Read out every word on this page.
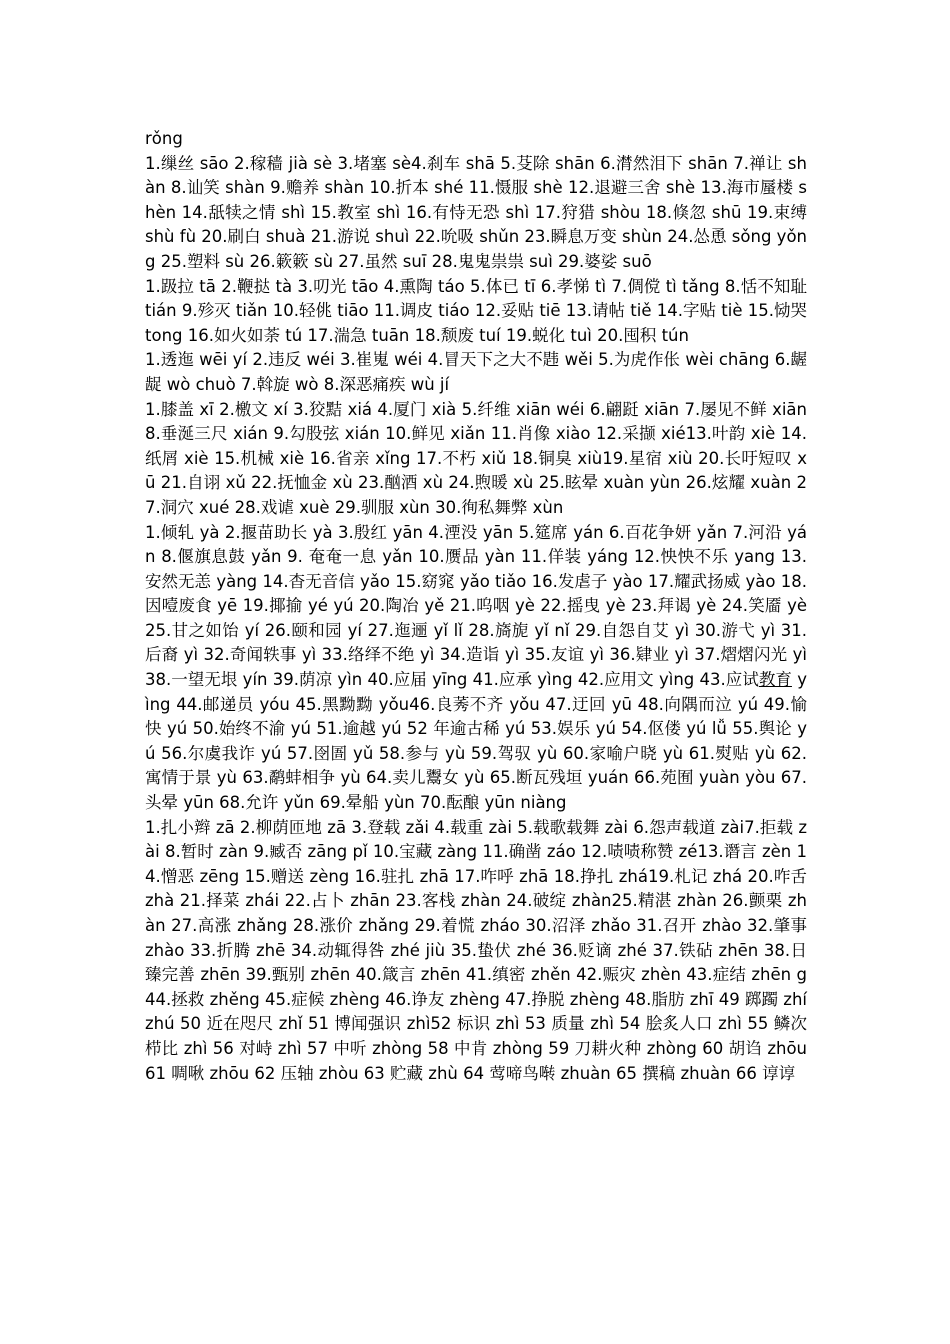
rǒng

1.缫丝 sāo 2.稼穑 jià sè 3.堵塞 sè4.刹车 shā 5.芟除 shān 6.潸然泪下 shān 7.禅让 shàn 8.讪笑 shàn 9.赡养 shàn 10.折本 shé 11.慑服 shè 12.退避三舍 shè 13.海市蜃楼 shèn 14.舐犊之情 shì 15.教室 shì 16.有恃无恐 shì 17.狩猎 shòu 18.倏忽 shū 19.束缚 shù fù 20.刷白 shuà 21.游说 shuì 22.吮吸 shǔn 23.瞬息万变 shùn 24.怂恿 sǒng yǒng 25.塑料 sù 26.簌簌 sù 27.虽然 suī 28.鬼鬼祟祟 suì 29.婆娑 suō

1.趿拉 tā 2.鞭挞 tà 3.叨光 tāo 4.熏陶 táo 5.体已 tī 6.孝悌 tì 7.倜傥 tì tǎng 8.恬不知耻 tián 9.殄灭 tiǎn 10.轻佻 tiāo 11.调皮 tiáo 12.妥贴 tiē 13.请帖 tiě 14.字贴 tiè 15.恸哭 tong 16.如火如荼 tú 17.湍急 tuān 18.颓废 tuí 19.蜕化 tuì 20.囤积 tún

1.透迤 wēi yí 2.违反 wéi 3.崔嵬 wéi 4.冒天下之大不韪 wěi 5.为虎作伥 wèi chāng 6.龌龊 wò chuò 7.斡旋 wò 8.深恶痛疾 wù jí

1.膝盖 xī 2.檄文 xí 3.狡黠 xiá 4.厦门 xià 5.纤维 xiān wéi 6.翩跹 xiān 7.屡见不鲜 xiān 8.垂涎三尺 xián 9.勾股弦 xián 10.鲜见 xiǎn 11.肖像 xiào 12.采撷 xié13.叶韵 xiè 14.纸屑 xiè 15.机械 xiè 16.省亲 xǐng 17.不朽 xiǔ 18.铜臭 xiù19.星宿 xiù 20.长吁短叹 xū 21.自诩 xǔ 22.抚恤金 xù 23.酗酒 xù 24.煦暖 xù 25.眩晕 xuàn yùn 26.炫耀 xuàn 27.洞穴 xué 28.戏谑 xuè 29.驯服 xùn 30.徇私舞弊 xùn

1.倾轧 yà 2.揠苗助长 yà 3.殷红 yān 4.湮没 yān 5.筵席 yán 6.百花争妍 yǎn 7.河沿 yán 8.偃旗息鼓 yǎn 9. 奄奄一息 yǎn 10.赝品 yàn 11.佯装 yáng 12.怏怏不乐 yang 13.安然无恙 yàng 14.杳无音信 yǎo 15.窈窕 yǎo tiǎo 16.发虐子 yào 17.耀武扬威 yào 18.因噎废食 yē 19.揶揄 yé yú 20.陶冶 yě 21.呜咽 yè 22.摇曳 yè 23.拜谒 yè 24.笑靥 yè 25.甘之如饴 yí 26.颐和园 yí 27.迤逦 yǐ lǐ 28.旖旎 yǐ nǐ 29.自怨自艾 yì 30.游弋 yì 31.后裔 yì 32.奇闻轶事 yì 33.络绎不绝 yì 34.造诣 yì 35.友谊 yì 36.肄业 yì 37.熠熠闪光 yì 38.一望无垠 yín 39.荫凉 yìn 40.应届 yīng 41.应承 yìng 42.应用文 yìng 43.应试教育 yìng 44.邮递员 yóu 45.黑黝黝 yǒu46.良莠不齐 yǒu 47.迂回 yū 48.向隅而泣 yú 49.愉快 yú 50.始终不渝 yú 51.逾越 yú 52 年逾古稀 yú 53.娱乐 yú 54.伛偻 yú lǚ 55.舆论 yú 56.尔虞我诈 yú 57.囹圄 yǔ 58.参与 yù 59.驾驭 yù 60.家喻户晓 yù 61.熨贴 yù 62.寓情于景 yù 63.鹬蚌相争 yù 64.卖儿鬻女 yù 65.断瓦残垣 yuán 66.苑囿 yuàn yòu 67.头晕 yūn 68.允许 yǔn 69.晕船 yùn 70.酝酿 yūn niàng

1.扎小辫 zā 2.柳荫匝地 zā 3.登载 zǎi 4.载重 zài 5.载歌载舞 zài 6.怨声载道 zài7.拒载 zài 8.暂时 zàn 9.臧否 zāng pǐ 10.宝藏 zàng 11.确凿 záo 12.啧啧称赞 zé13.谮言 zèn 14.憎恶 zēng 15.赠送 zèng 16.驻扎 zhā 17.咋呼 zhā 18.挣扎 zhá19.札记 zhá 20.咋舌 zhà 21.择菜 zhái 22.占卜 zhān 23.客栈 zhàn 24.破绽 zhàn25.精湛 zhàn 26.颤栗 zhàn 27.高涨 zhǎng 28.涨价 zhǎng 29.着慌 zháo 30.沼泽 zhǎo 31.召开 zhào 32.肇事 zhào 33.折腾 zhē 34.动辄得咎 zhé jiù 35.蛰伏 zhé 36.贬谪 zhé 37.铁砧 zhēn 38.日臻完善 zhēn 39.甄别 zhēn 40.箴言 zhēn 41.缜密 zhěn 42.赈灾 zhèn 43.症结 zhēn g 44.拯救 zhěng 45.症候 zhèng 46.诤友 zhèng 47.挣脱 zhèng 48.脂肪 zhī 49 踯躅 zhí zhú 50 近在咫尺 zhǐ 51 博闻强识 zhì52 标识 zhì 53 质量 zhì 54 脍炙人口 zhì 55 鳞次栉比 zhì 56 对峙 zhì 57 中听 zhòng 58 中肯 zhòng 59 刀耕火种 zhòng 60 胡诌 zhōu 61 啁啾 zhōu 62 压轴 zhòu 63 贮藏 zhù 64 莺啼鸟啭 zhuàn 65 撰稿 zhuàn 66 谆谆
